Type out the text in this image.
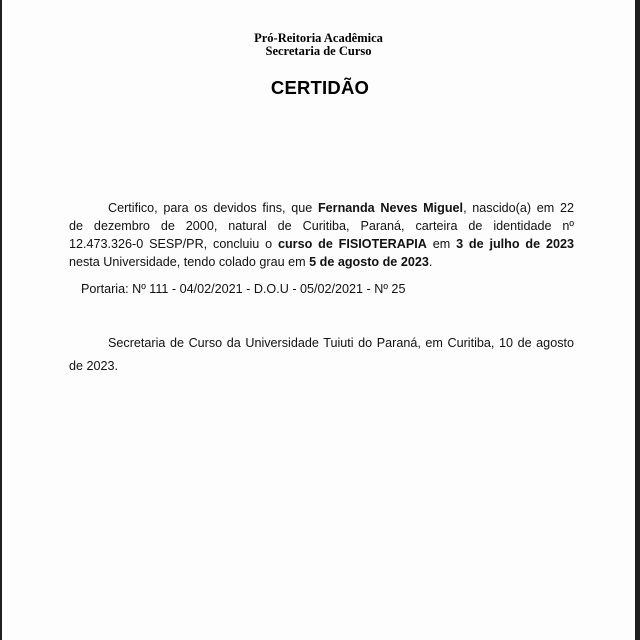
Pró-Reitoria Acadêmica
Secretaria de Curso
CERTIDÃO
Certifico, para os devidos fins, que Fernanda Neves Miguel, nascido(a) em 22
de dezembro de 2000, natural de Curitiba, Paraná, carteira de identidade nº
12.473.326-0 SESP/PR, concluiu o curso de FISIOTERAPIA em 3 de julho de 2023
nesta Universidade, tendo colado grau em 5 de agosto de 2023.
Portaria: Nº 111 - 04/02/2021 - D.O.U - 05/02/2021 - Nº 25
Secretaria de Curso da Universidade Tuiuti do Paraná, em Curitiba, 10 de agosto
de 2023.
